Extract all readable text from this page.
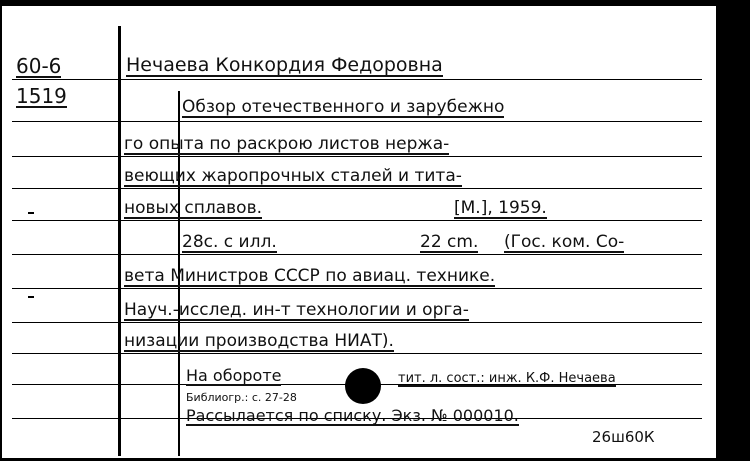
60-6
1519
Нечаева Конкордия Федоровна
Обзор отечественного и зарубежно
го опыта по раскрою листов нержа-
веющих жаропрочных сталей и тита-
новых сплавов.	[М.], 1959.
28с. с илл.	22 cm. (Гос. ком. Со-
вета Министров СССР по авиац. технике.
Науч.-исслед. ин-т технологии и орга-
низации производства НИАТ).
На обороте	тит. л. сост.: инж. К.Ф. Нечаева
Библиогр.: с. 27-28
Рассылается по списку. Экз. № 000010.
26ш60К
